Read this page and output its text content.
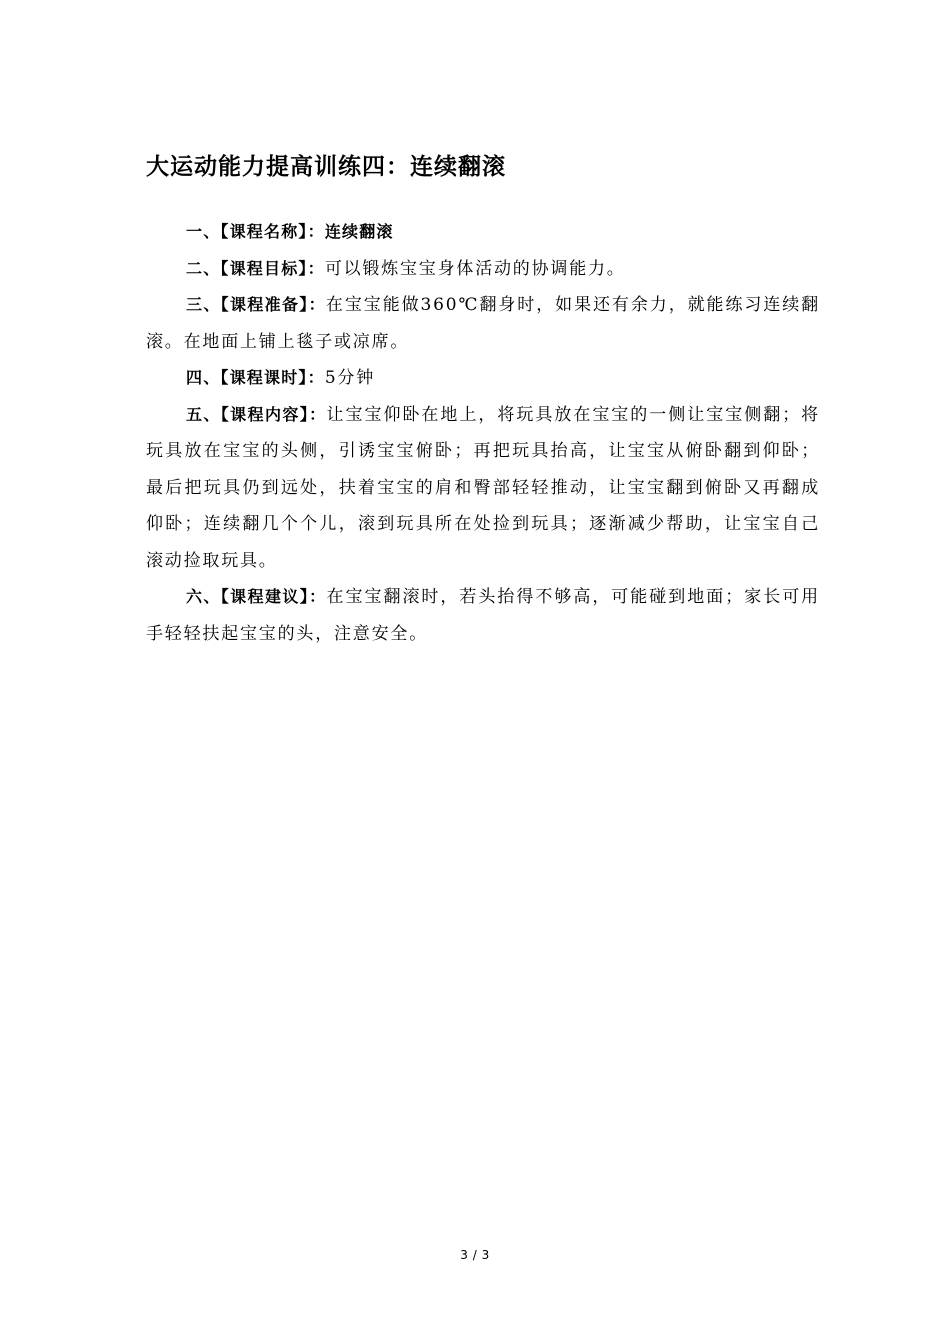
大运动能力提高训练四：连续翻滚

一、【课程名称】：连续翻滚

二、【课程目标】：可以锻炼宝宝身体活动的协调能力。

三、【课程准备】：在宝宝能做360℃翻身时，如果还有余力，就能练习连续翻滚。在地面上铺上毯子或凉席。

四、【课程课时】：5分钟

五、【课程内容】：让宝宝仰卧在地上，将玩具放在宝宝的一侧让宝宝侧翻；将玩具放在宝宝的头侧，引诱宝宝俯卧；再把玩具抬高，让宝宝从俯卧翻到仰卧；最后把玩具仍到远处，扶着宝宝的肩和臀部轻轻推动，让宝宝翻到俯卧又再翻成仰卧；连续翻几个个儿，滚到玩具所在处捡到玩具；逐渐减少帮助，让宝宝自己滚动捡取玩具。

六、【课程建议】：在宝宝翻滚时，若头抬得不够高，可能碰到地面；家长可用手轻轻扶起宝宝的头，注意安全。

3 / 3
